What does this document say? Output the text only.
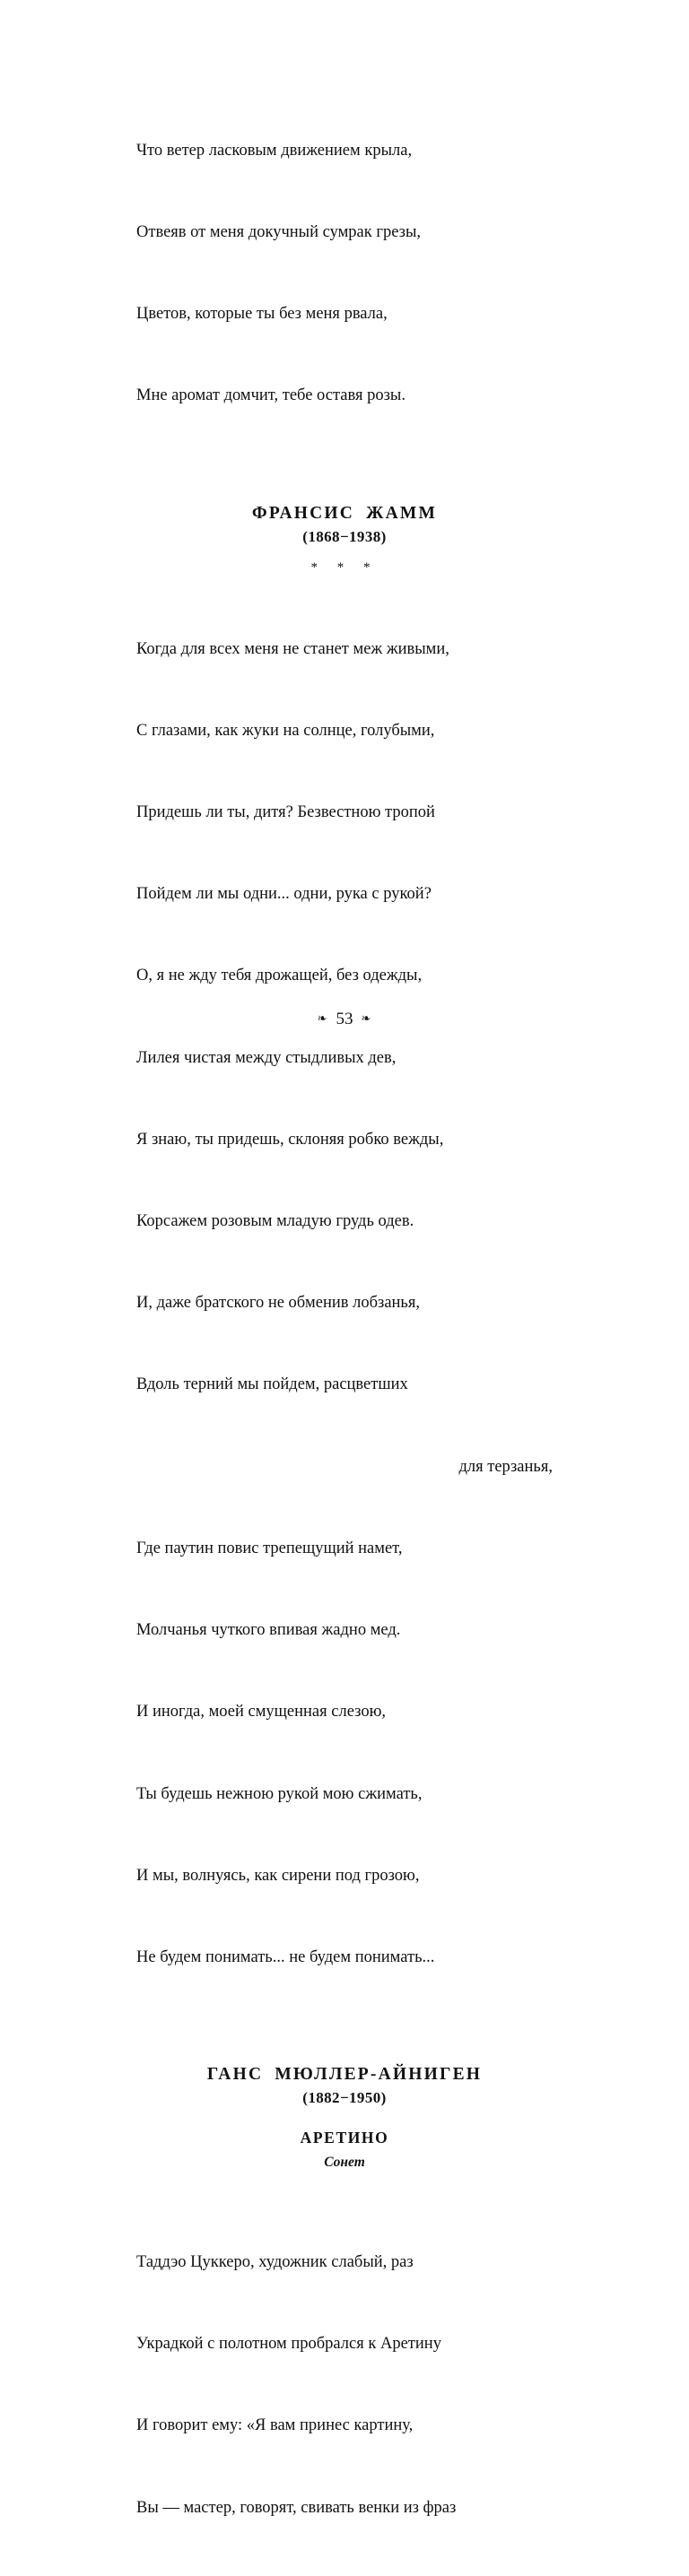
Что ветер ласковым движением крыла,

Отвеяв от меня докучный сумрак грезы,

Цветов, которые ты без меня рвала,

Мне аромат домчит, тебе оставя розы.

ФРАНСИС ЖАММ
(1868−1938)
* * *

Когда для всех меня не станет меж живыми,

С глазами, как жуки на солнце, голубыми,

Придешь ли ты, дитя? Безвестною тропой

Пойдем ли мы одни... одни, рука с рукой?

О, я не жду тебя дрожащей, без одежды,

Лилея чистая между стыдливых дев,

Я знаю, ты придешь, склоняя робко вежды,

Корсажем розовым младую грудь одев.

И, даже братского не обменив лобзанья,

Вдоль терний мы пойдем, расцветших

для терзанья,

Где паутин повис трепещущий намет,

Молчанья чуткого впивая жадно мед.

И иногда, моей смущенная слезою,

Ты будешь нежною рукой мою сжимать,

И мы, волнуясь, как сирени под грозою,

Не будем понимать... не будем понимать...

ГАНС МЮЛЛЕР-АЙНИГЕН
(1882−1950)
АРЕТИНО
Сонет

Таддэо Цуккеро, художник слабый, раз

Украдкой с полотном пробрался к Аретину

И говорит ему: «Я вам принес картину,

Вы — мастер, говорят, свивать венки из фраз

❧ 53 ❧
